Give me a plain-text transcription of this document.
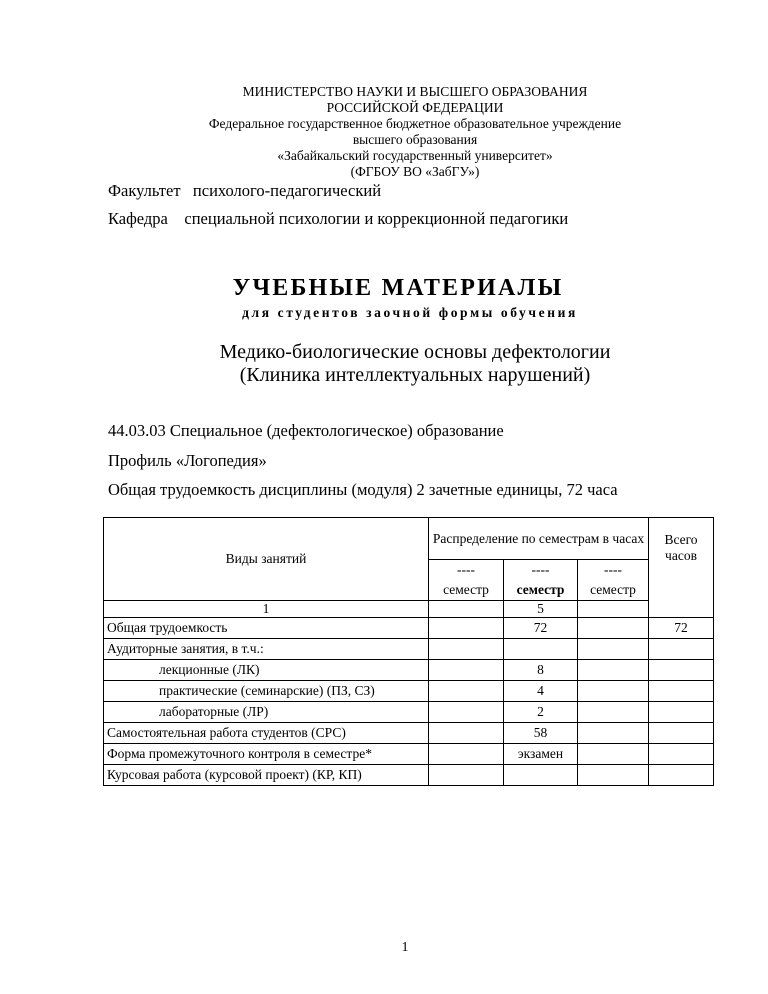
МИНИСТЕРСТВО НАУКИ И ВЫСШЕГО ОБРАЗОВАНИЯ
РОССИЙСКОЙ ФЕДЕРАЦИИ
Федеральное государственное бюджетное образовательное учреждение
высшего образования
«Забайкальский государственный университет»
(ФГБОУ ВО «ЗабГУ»)
Факультет психолого-педагогический
Кафедра специальной психологии и коррекционной педагогики
УЧЕБНЫЕ МАТЕРИАЛЫ
для студентов заочной формы обучения
Медико-биологические основы дефектологии
(Клиника интеллектуальных нарушений)
44.03.03 Специальное (дефектологическое) образование
Профиль «Логопедия»
Общая трудоемкость дисциплины (модуля) 2 зачетные единицы, 72 часа
Виды занятий	Распределение по семестрам в часах			Всего часов
	----	----	----	
	семестр	семестр	семестр	
1		5		
Общая трудоемкость		72		72
Аудиторные занятия, в т.ч.:				
лекционные (ЛК)		8		
практические (семинарские) (ПЗ, СЗ)		4		
лабораторные (ЛР)		2		
Самостоятельная работа студентов (СРС)		58		
Форма промежуточного контроля в семестре*		экзамен		
Курсовая работа (курсовой проект) (КР, КП)				
1
